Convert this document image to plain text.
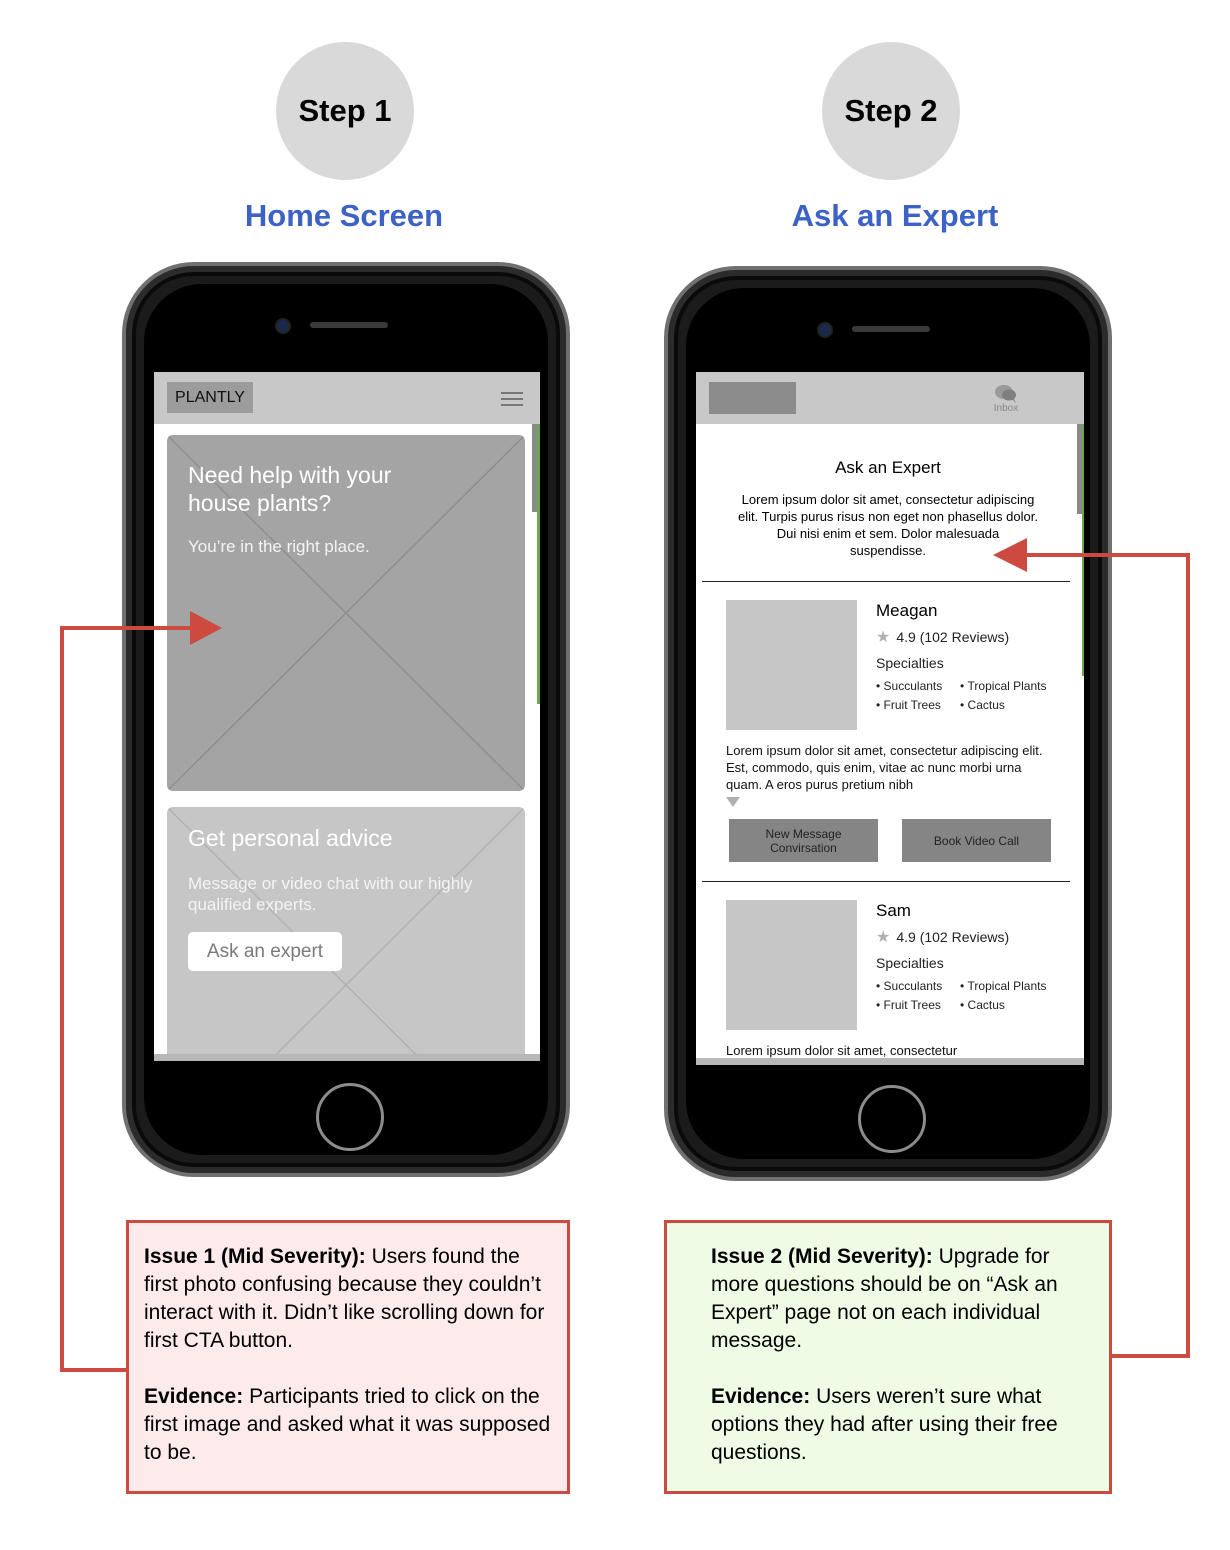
Step 1
Home Screen
Step 2
Ask an Expert
PLANTLY
Need help with your house plants?
You’re in the right place.
Get personal advice
Message or video chat with our highly qualified experts.
Ask an expert
Inbox
Ask an Expert
Lorem ipsum dolor sit amet, consectetur adipiscing elit. Turpis purus risus non eget non phasellus dolor. Dui nisi enim et sem. Dolor malesuada suspendisse.
Meagan
★ 4.9 (102 Reviews)
Specialties
• Succulants • Tropical Plants
• Fruit Trees • Cactus
Lorem ipsum dolor sit amet, consectetur adipiscing elit. Est, commodo, quis enim, vitae ac nunc morbi urna quam. A eros purus pretium nibh
New Message Convirsation	Book Video Call
Sam
★ 4.9 (102 Reviews)
Specialties
• Succulants • Tropical Plants
• Fruit Trees • Cactus
Lorem ipsum dolor sit amet, consectetur

Issue 1 (Mid Severity): Users found the first photo confusing because they couldn’t interact with it. Didn’t like scrolling down for first CTA button.

Evidence: Participants tried to click on the first image and asked what it was supposed to be.

Issue 2 (Mid Severity): Upgrade for more questions should be on “Ask an Expert” page not on each individual message.

Evidence: Users weren’t sure what options they had after using their free questions.
